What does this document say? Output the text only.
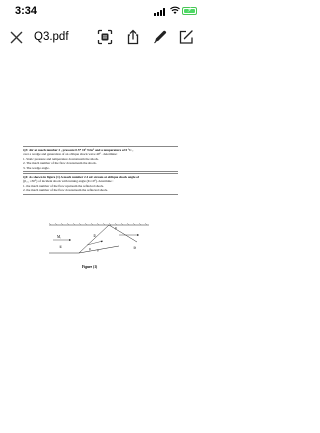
3:34	⚡
Q3.pdf
Q3: Air at mach number 2 , pressure 0.5* 10⁵ N/m² and a temperature of 0 °C ,
over a wedge and generation of an oblique shock wave 40° . determine:
1. Static pressure and temperature downstream the shock.
2. The mach number of the flow downstream the shock.
3. The wedge angle.
Q4: As shown in figure (1) A mach number 2.4 air stream at oblique shock angle of
(β₁,₂ =30°) of incident shock with turning angle (θ=10°). determine :
1. the mach number of the flow upstream the reflected shock.
2. the mach number of the flow downstream the reflected shock.
M₁
β
β
θ
②
③
①
Figure (1)
